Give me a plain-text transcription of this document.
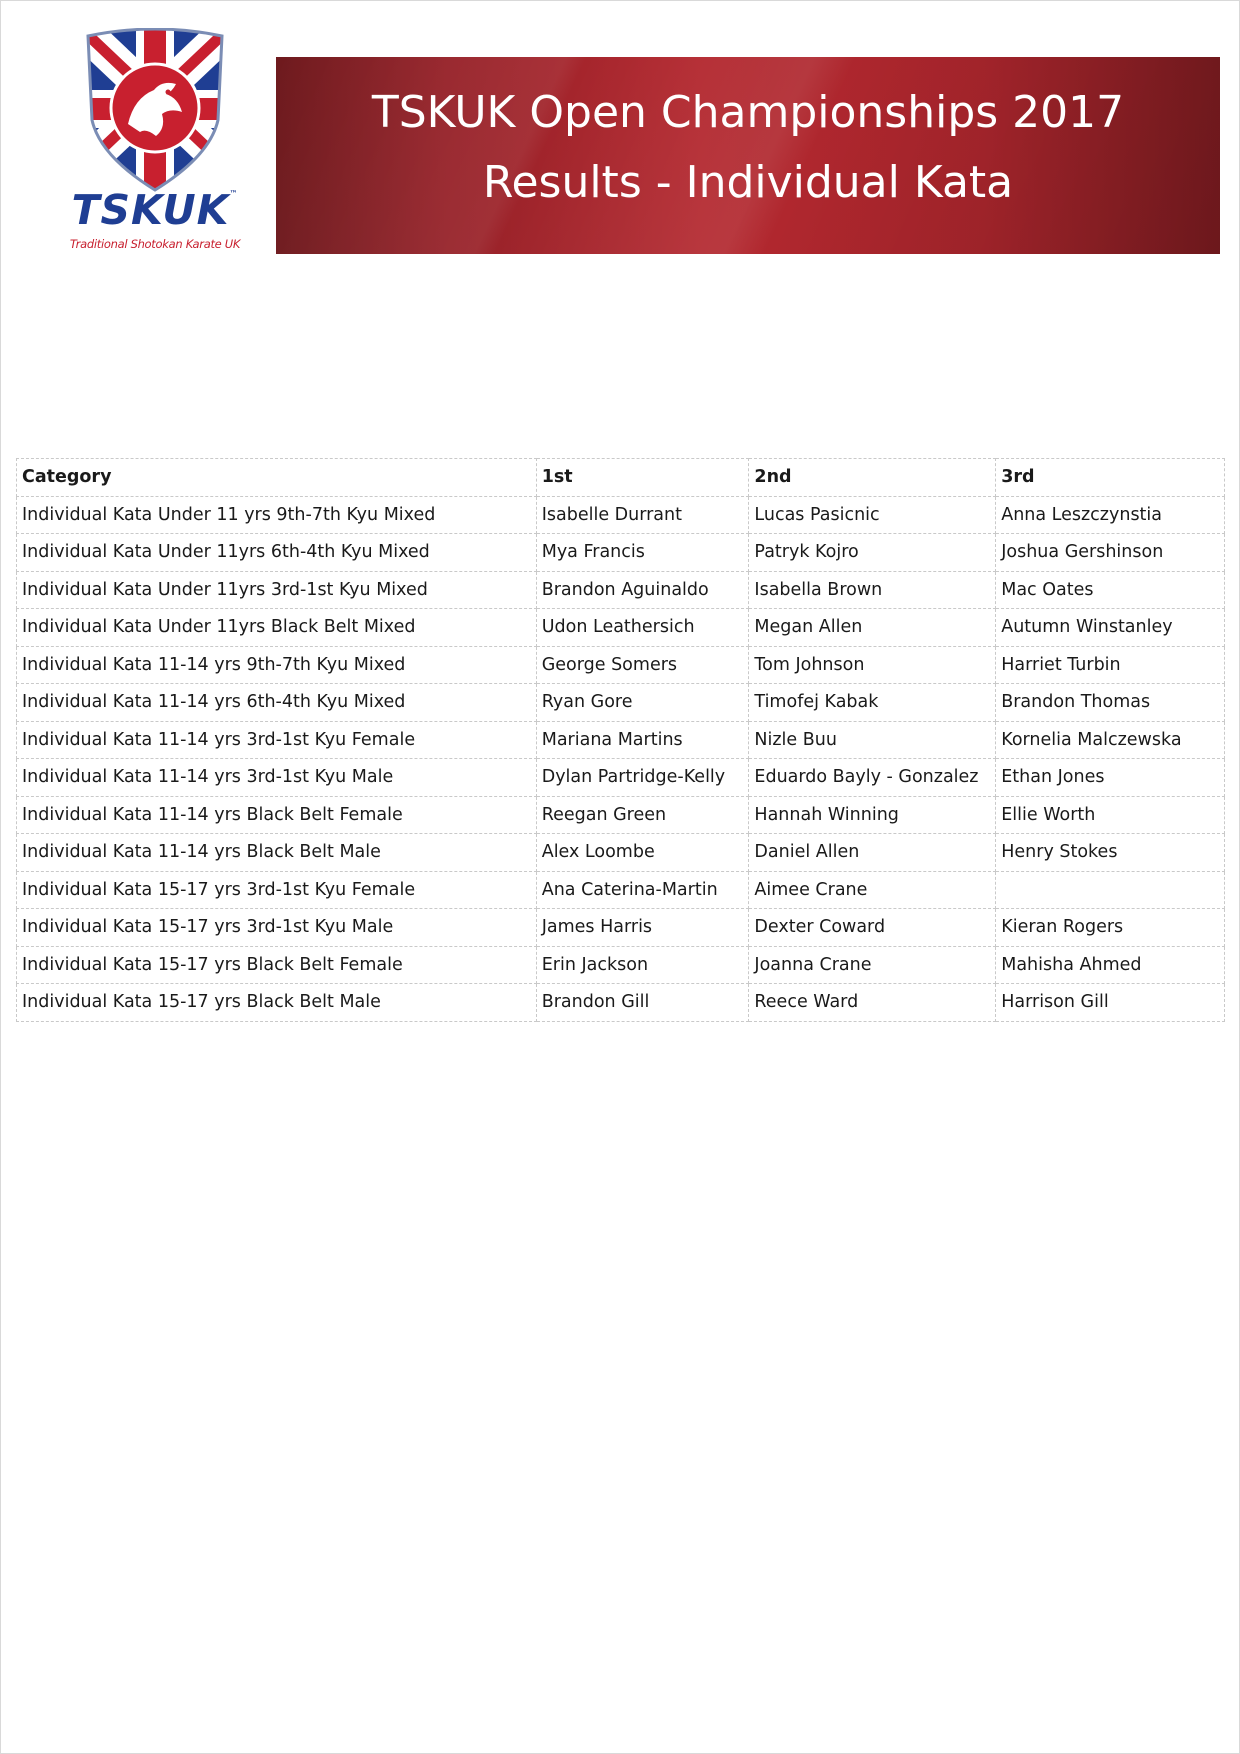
TSKUK™
Traditional Shotokan Karate UK
TSKUK Open Championships 2017
Results - Individual Kata
Category	1st	2nd	3rd
Individual Kata Under 11 yrs 9th-7th Kyu Mixed	Isabelle Durrant	Lucas Pasicnic	Anna Leszczynstia
Individual Kata Under 11yrs 6th-4th Kyu Mixed	Mya Francis	Patryk Kojro	Joshua Gershinson
Individual Kata Under 11yrs 3rd-1st Kyu Mixed	Brandon Aguinaldo	Isabella Brown	Mac Oates
Individual Kata Under 11yrs Black Belt Mixed	Udon Leathersich	Megan Allen	Autumn Winstanley
Individual Kata 11-14 yrs 9th-7th Kyu Mixed	George Somers	Tom Johnson	Harriet Turbin
Individual Kata 11-14 yrs 6th-4th Kyu Mixed	Ryan Gore	Timofej Kabak	Brandon Thomas
Individual Kata 11-14 yrs 3rd-1st Kyu Female	Mariana Martins	Nizle Buu	Kornelia Malczewska
Individual Kata 11-14 yrs 3rd-1st Kyu Male	Dylan Partridge-Kelly	Eduardo Bayly - Gonzalez	Ethan Jones
Individual Kata 11-14 yrs Black Belt Female	Reegan Green	Hannah Winning	Ellie Worth
Individual Kata 11-14 yrs Black Belt Male	Alex Loombe	Daniel Allen	Henry Stokes
Individual Kata 15-17 yrs 3rd-1st Kyu Female	Ana Caterina-Martin	Aimee Crane	
Individual Kata 15-17 yrs 3rd-1st Kyu Male	James Harris	Dexter Coward	Kieran Rogers
Individual Kata 15-17 yrs Black Belt Female	Erin Jackson	Joanna Crane	Mahisha Ahmed
Individual Kata 15-17 yrs Black Belt Male	Brandon Gill	Reece Ward	Harrison Gill
